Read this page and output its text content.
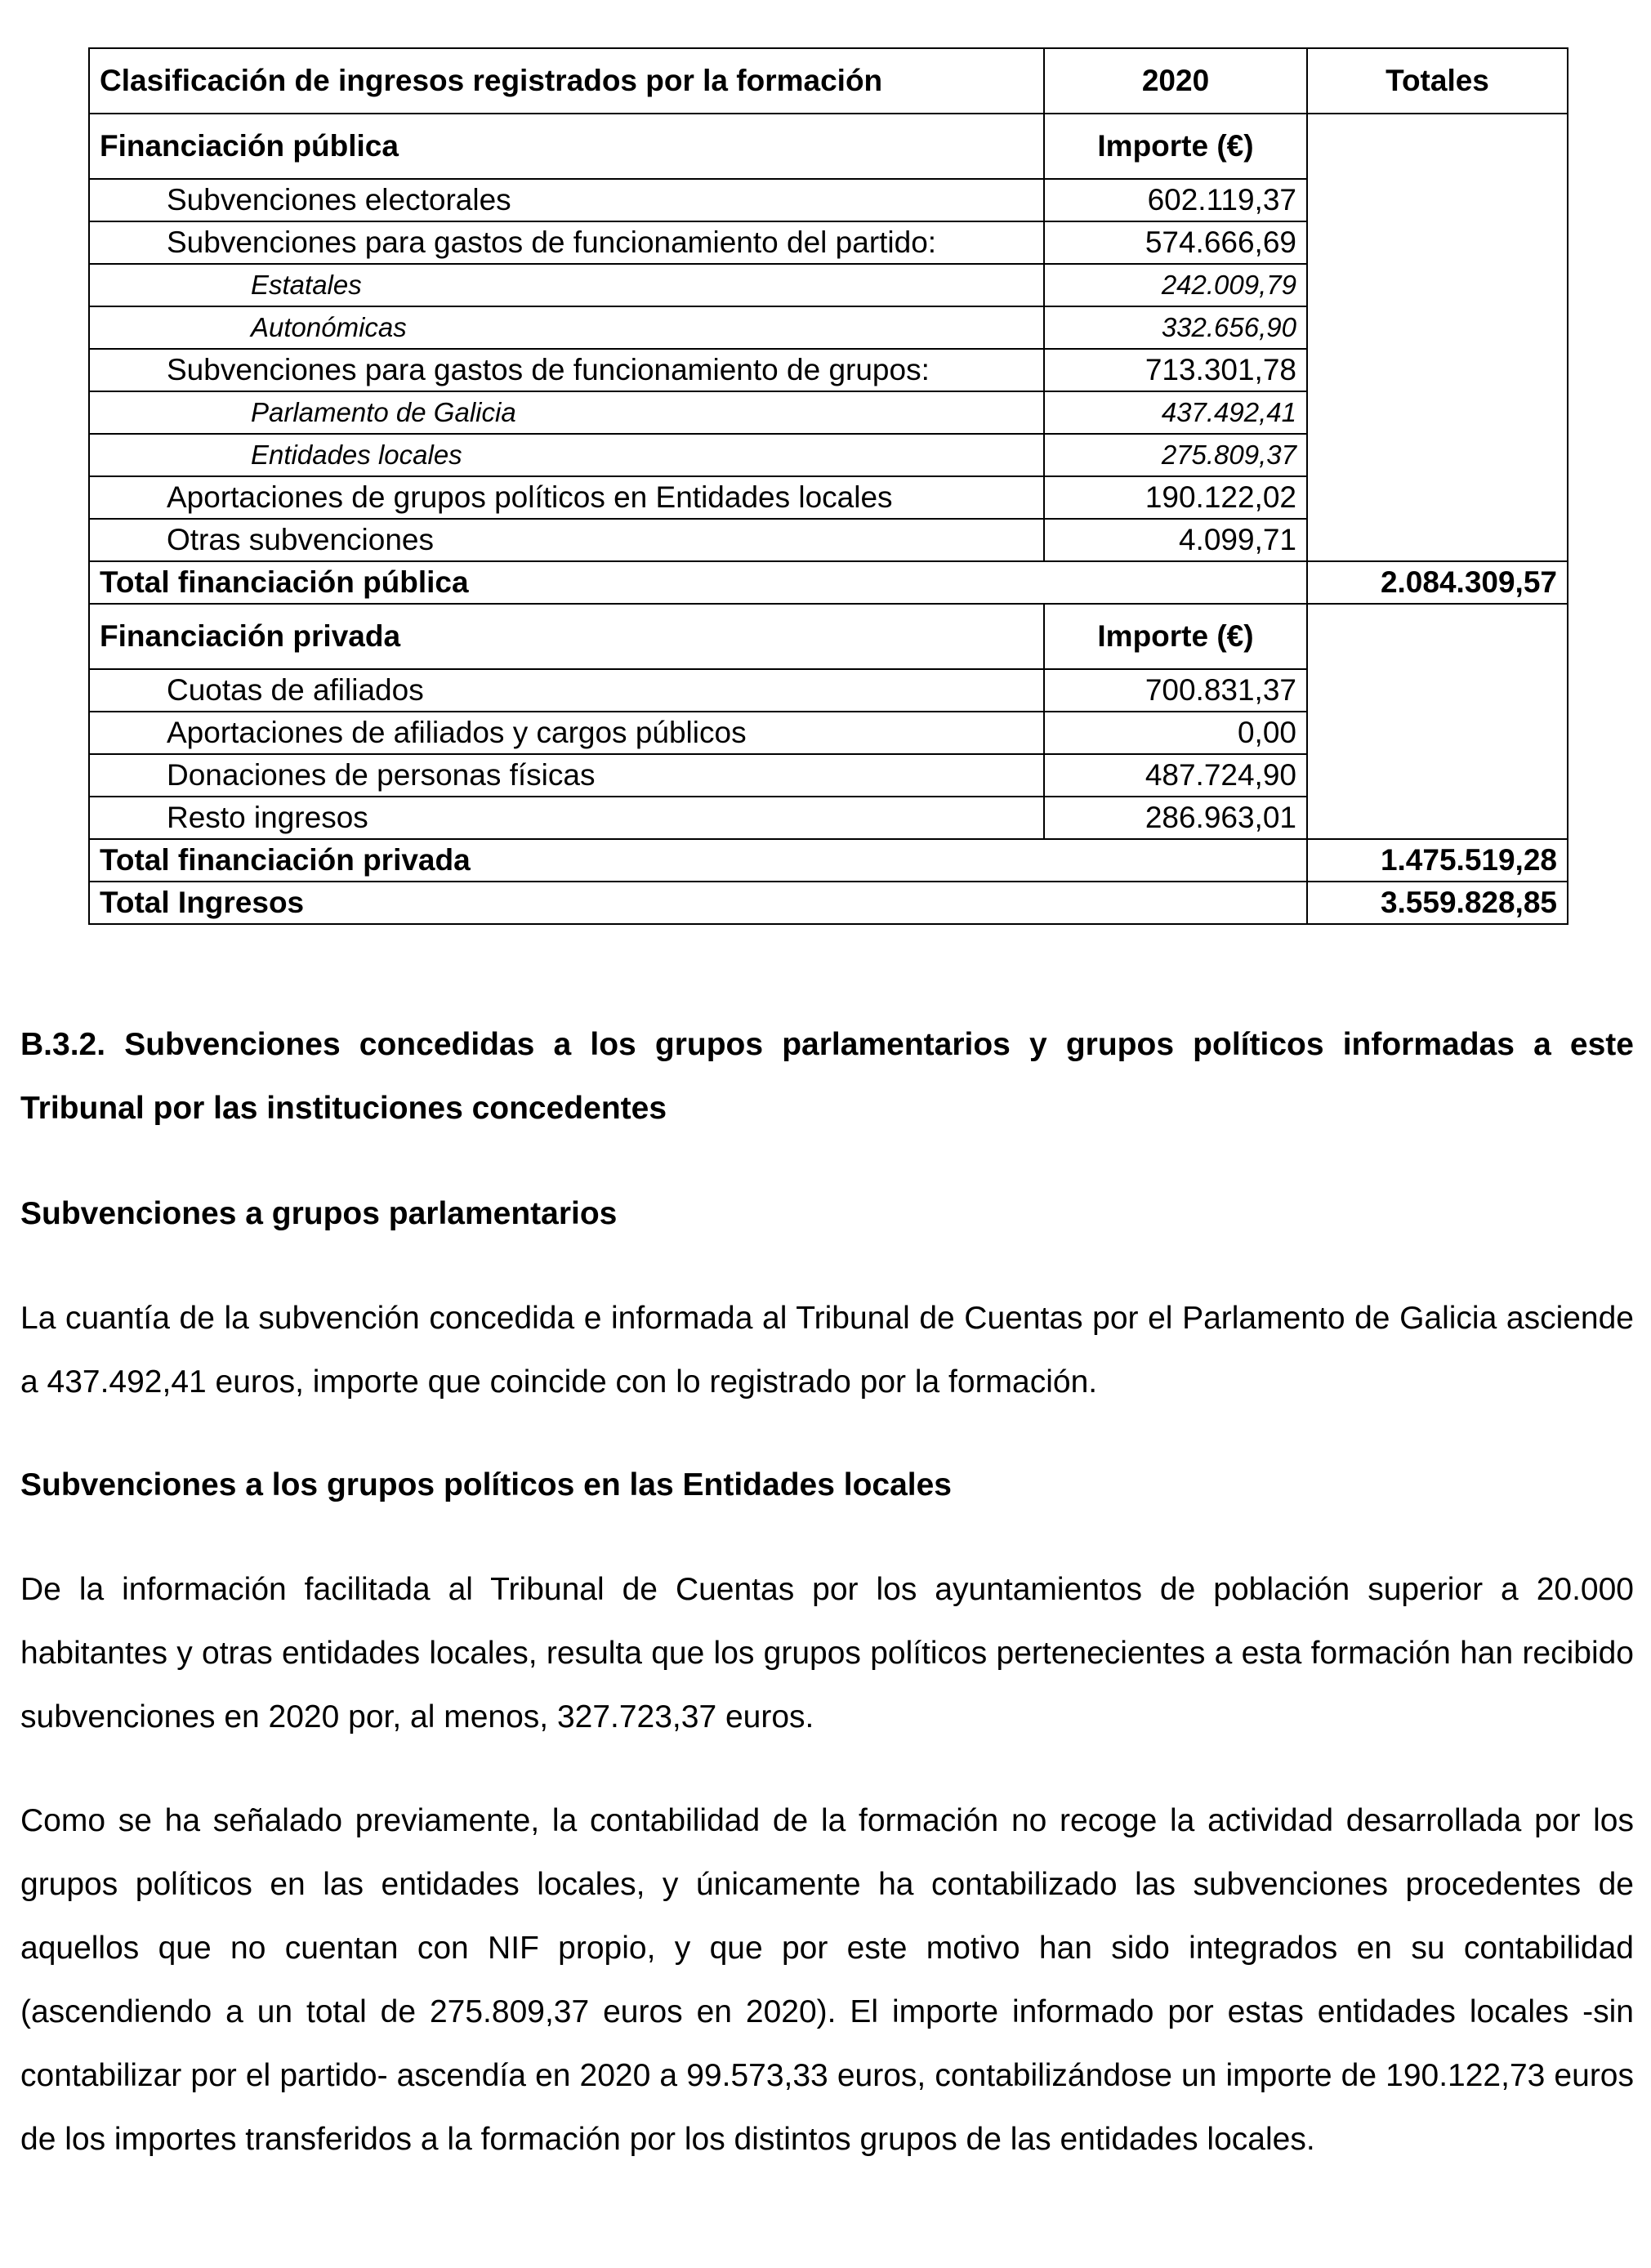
Clasificación de ingresos registrados por la formación	2020	Totales
Financiación pública	Importe (€)	
Subvenciones electorales	602.119,37	
Subvenciones para gastos de funcionamiento del partido:	574.666,69	
Estatales	242.009,79	
Autonómicas	332.656,90	
Subvenciones para gastos de funcionamiento de grupos:	713.301,78	
Parlamento de Galicia	437.492,41	
Entidades locales	275.809,37	
Aportaciones de grupos políticos en Entidades locales	190.122,02	
Otras subvenciones	4.099,71	
Total financiación pública		2.084.309,57
Financiación privada	Importe (€)	
Cuotas de afiliados	700.831,37	
Aportaciones de afiliados y cargos públicos	0,00	
Donaciones de personas físicas	487.724,90	
Resto ingresos	286.963,01	
Total financiación privada		1.475.519,28
Total Ingresos		3.559.828,85
B.3.2. Subvenciones concedidas a los grupos parlamentarios y grupos políticos informadas a este Tribunal por las instituciones concedentes
Subvenciones a grupos parlamentarios
La cuantía de la subvención concedida e informada al Tribunal de Cuentas por el Parlamento de Galicia asciende a 437.492,41 euros, importe que coincide con lo registrado por la formación.
Subvenciones a los grupos políticos en las Entidades locales
De la información facilitada al Tribunal de Cuentas por los ayuntamientos de población superior a 20.000 habitantes y otras entidades locales, resulta que los grupos políticos pertenecientes a esta formación han recibido subvenciones en 2020 por, al menos, 327.723,37 euros.
Como se ha señalado previamente, la contabilidad de la formación no recoge la actividad desarrollada por los grupos políticos en las entidades locales, y únicamente ha contabilizado las subvenciones procedentes de aquellos que no cuentan con NIF propio, y que por este motivo han sido integrados en su contabilidad (ascendiendo a un total de 275.809,37 euros en 2020). El importe informado por estas entidades locales -sin contabilizar por el partido- ascendía en 2020 a 99.573,33 euros, contabilizándose un importe de 190.122,73 euros de los importes transferidos a la formación por los distintos grupos de las entidades locales.
